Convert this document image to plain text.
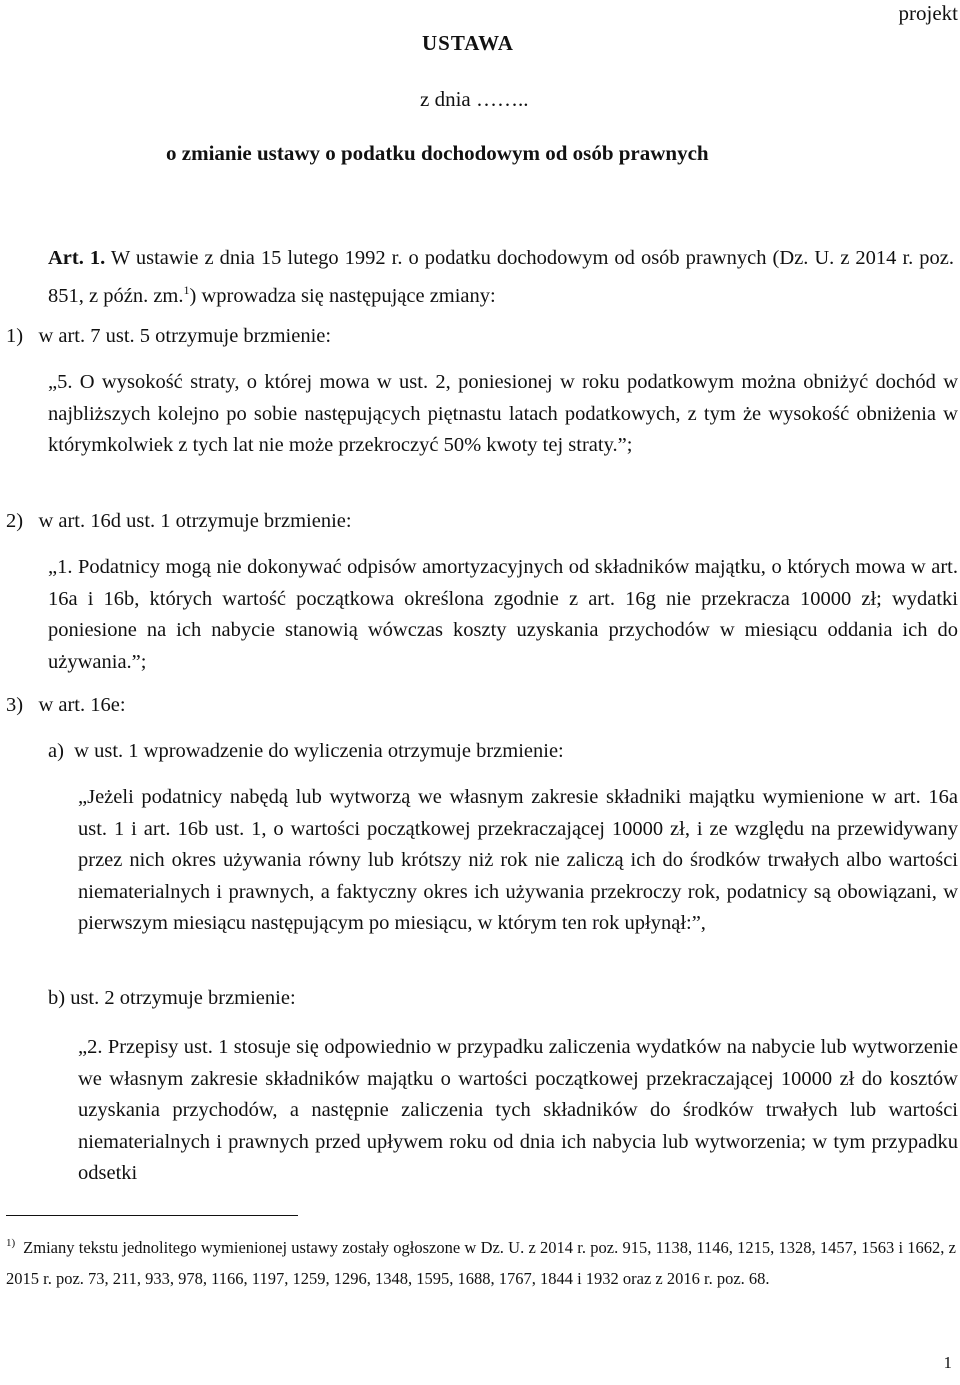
projekt
USTAWA
z dnia ……..
o zmianie ustawy o podatku dochodowym od osób prawnych
Art. 1. W ustawie z dnia 15 lutego 1992 r. o podatku dochodowym od osób prawnych (Dz. U. z 2014 r. poz. 851, z późn. zm.$^1$) wprowadza się następujące zmiany:
1)   w art. 7 ust. 5 otrzymuje brzmienie:
„5. O wysokość straty, o której mowa w ust. 2, poniesionej w roku podatkowym można obniżyć dochód w najbliższych kolejno po sobie następujących piętnastu latach podatkowych, z tym że wysokość obniżenia w którymkolwiek z tych lat nie może przekroczyć 50% kwoty tej straty.”;
2)   w art. 16d ust. 1 otrzymuje brzmienie:
„1. Podatnicy mogą nie dokonywać odpisów amortyzacyjnych od składników majątku, o których mowa w art. 16a i 16b, których wartość początkowa określona zgodnie z art. 16g nie przekracza 10000 zł; wydatki poniesione na ich nabycie stanowią wówczas koszty uzyskania przychodów w miesiącu oddania ich do używania.”;
3)   w art. 16e:
a)  w ust. 1 wprowadzenie do wyliczenia otrzymuje brzmienie:
„Jeżeli podatnicy nabędą lub wytworzą we własnym zakresie składniki majątku wymienione w art. 16a ust. 1 i art. 16b ust. 1, o wartości początkowej przekraczającej 10000 zł, i ze względu na przewidywany przez nich okres używania równy lub krótszy niż rok nie zaliczą ich do środków trwałych albo wartości niematerialnych i prawnych, a faktyczny okres ich używania przekroczy rok, podatnicy są obowiązani, w pierwszym miesiącu następującym po miesiącu, w którym ten rok upłynął:”,
b) ust. 2 otrzymuje brzmienie:
„2. Przepisy ust. 1 stosuje się odpowiednio w przypadku zaliczenia wydatków na nabycie lub wytworzenie we własnym zakresie składników majątku o wartości początkowej przekraczającej 10000 zł do kosztów uzyskania przychodów, a następnie zaliczenia tych składników do środków trwałych lub wartości niematerialnych i prawnych przed upływem roku od dnia ich nabycia lub wytworzenia; w tym przypadku odsetki
$^{1)}$ Zmiany tekstu jednolitego wymienionej ustawy zostały ogłoszone w Dz. U. z 2014 r. poz. 915, 1138, 1146, 1215, 1328, 1457, 1563 i 1662, z 2015 r. poz. 73, 211, 933, 978, 1166, 1197, 1259, 1296, 1348, 1595, 1688, 1767, 1844 i 1932 oraz z 2016 r. poz. 68.
1
